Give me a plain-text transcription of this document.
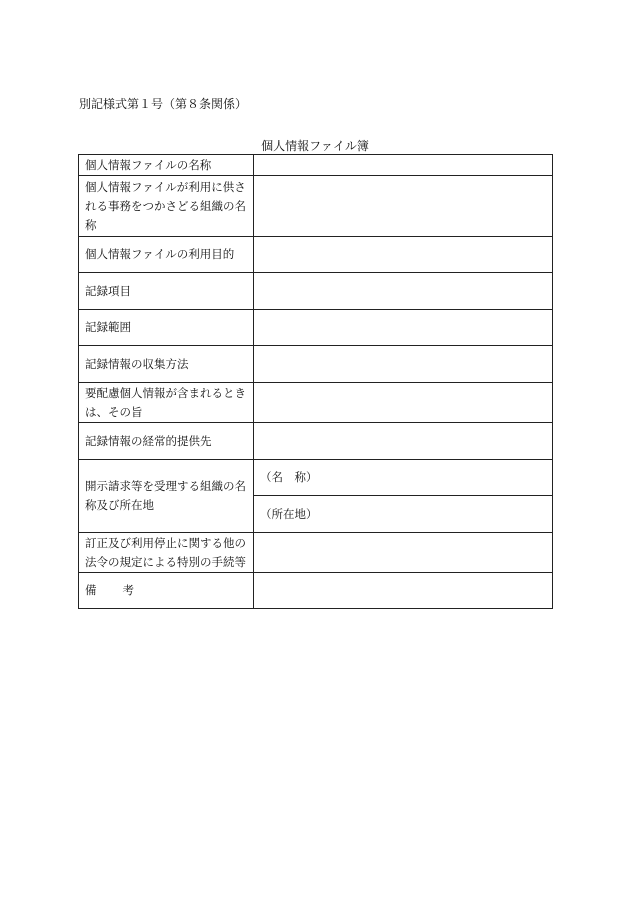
別記様式第１号（第８条関係）
個人情報ファイル簿
個人情報ファイルの名称	
個人情報ファイルが利用に供される事務をつかさどる組織の名称	
個人情報ファイルの利用目的	
記録項目	
記録範囲	
記録情報の収集方法	
要配慮個人情報が含まれるときは、その旨	
記録情報の経常的提供先	
開示請求等を受理する組織の名称及び所在地	（名　称）
	（所在地）
訂正及び利用停止に関する他の法令の規定による特別の手続等	
備 考	
